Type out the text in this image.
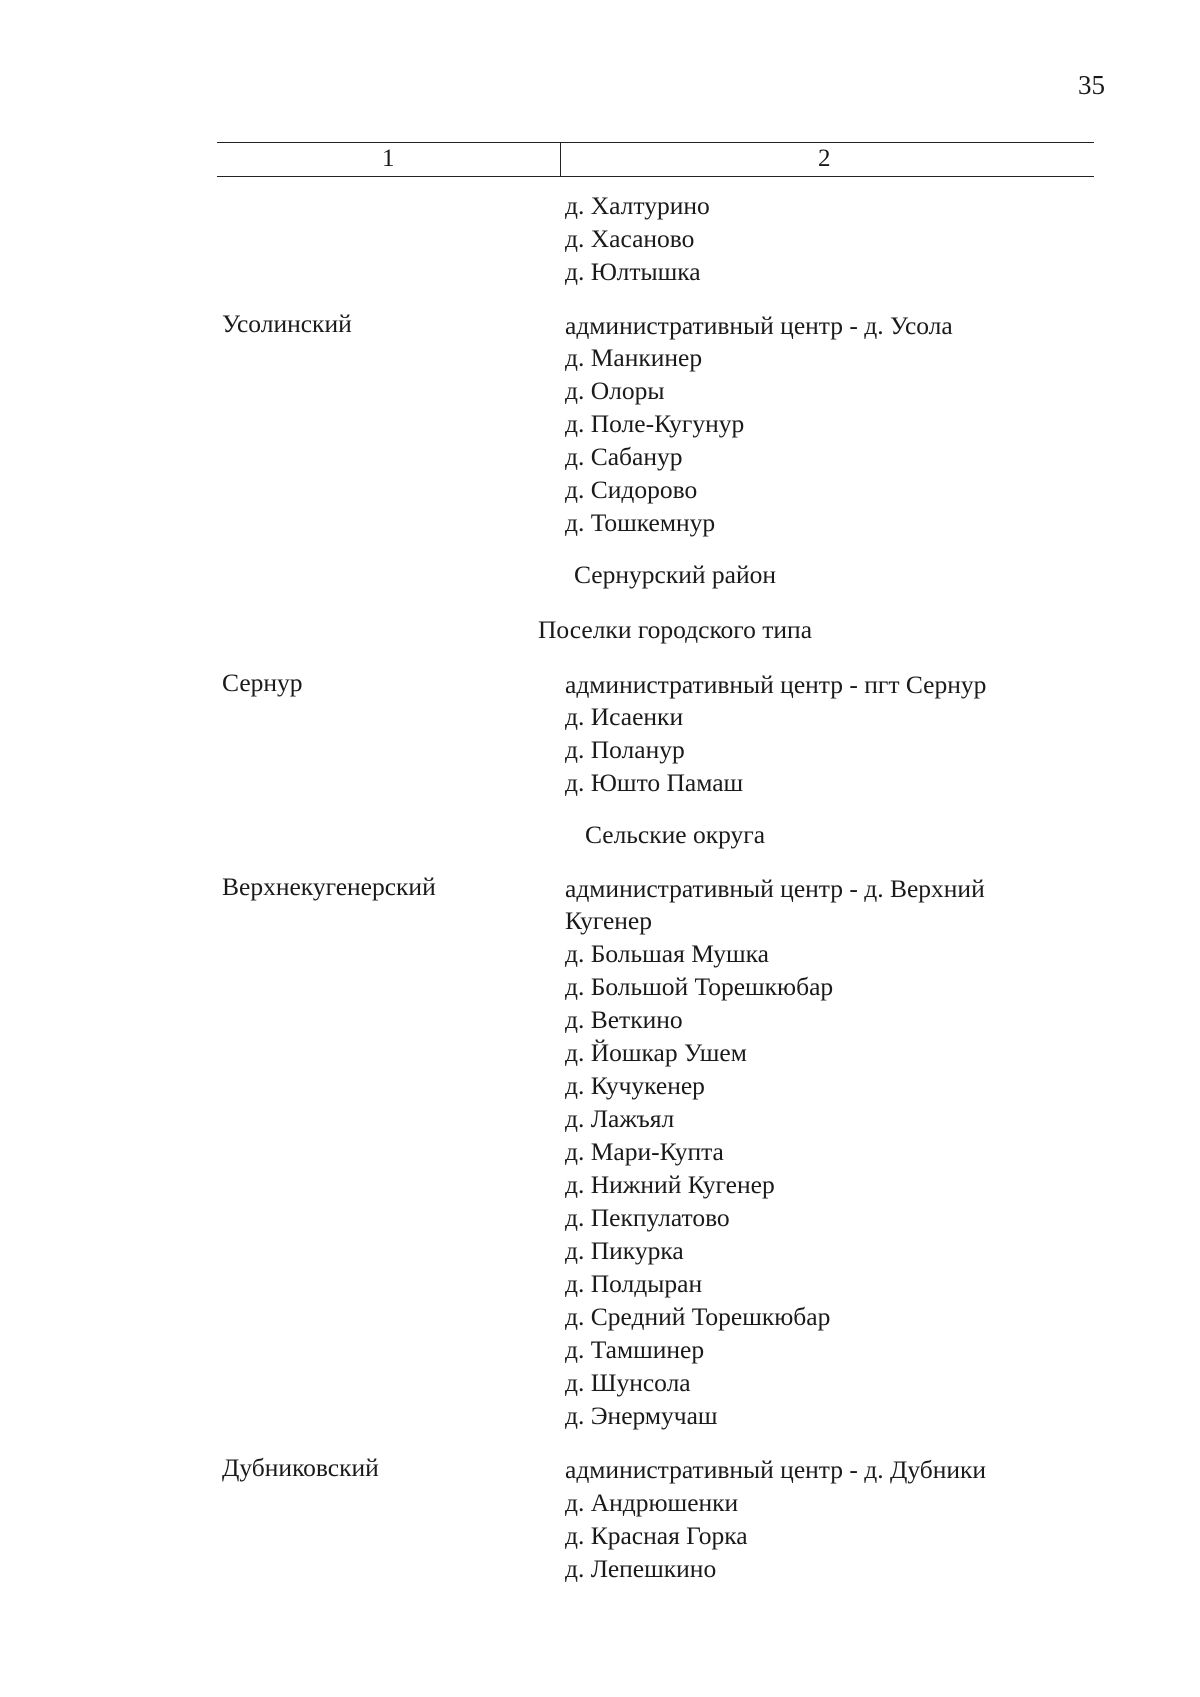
35
1	2
д. Халтурино
д. Хасаново
д. Юлтышка
Усолинский	административный центр - д. Усола
д. Манкинер
д. Олоры
д. Поле-Кугунур
д. Сабанур
д. Сидорово
д. Тошкемнур
Сернурский район
Поселки городского типа
Сернур	административный центр - пгт Сернур
д. Исаенки
д. Поланур
д. Юшто Памаш
Сельские округа
Верхнекугенерский	административный центр - д. Верхний
Кугенер
д. Большая Мушка
д. Большой Торешкюбар
д. Веткино
д. Йошкар Ушем
д. Кучукенер
д. Лажъял
д. Мари-Купта
д. Нижний Кугенер
д. Пекпулатово
д. Пикурка
д. Полдыран
д. Средний Торешкюбар
д. Тамшинер
д. Шунсола
д. Энермучаш
Дубниковский	административный центр - д. Дубники
д. Андрюшенки
д. Красная Горка
д. Лепешкино
